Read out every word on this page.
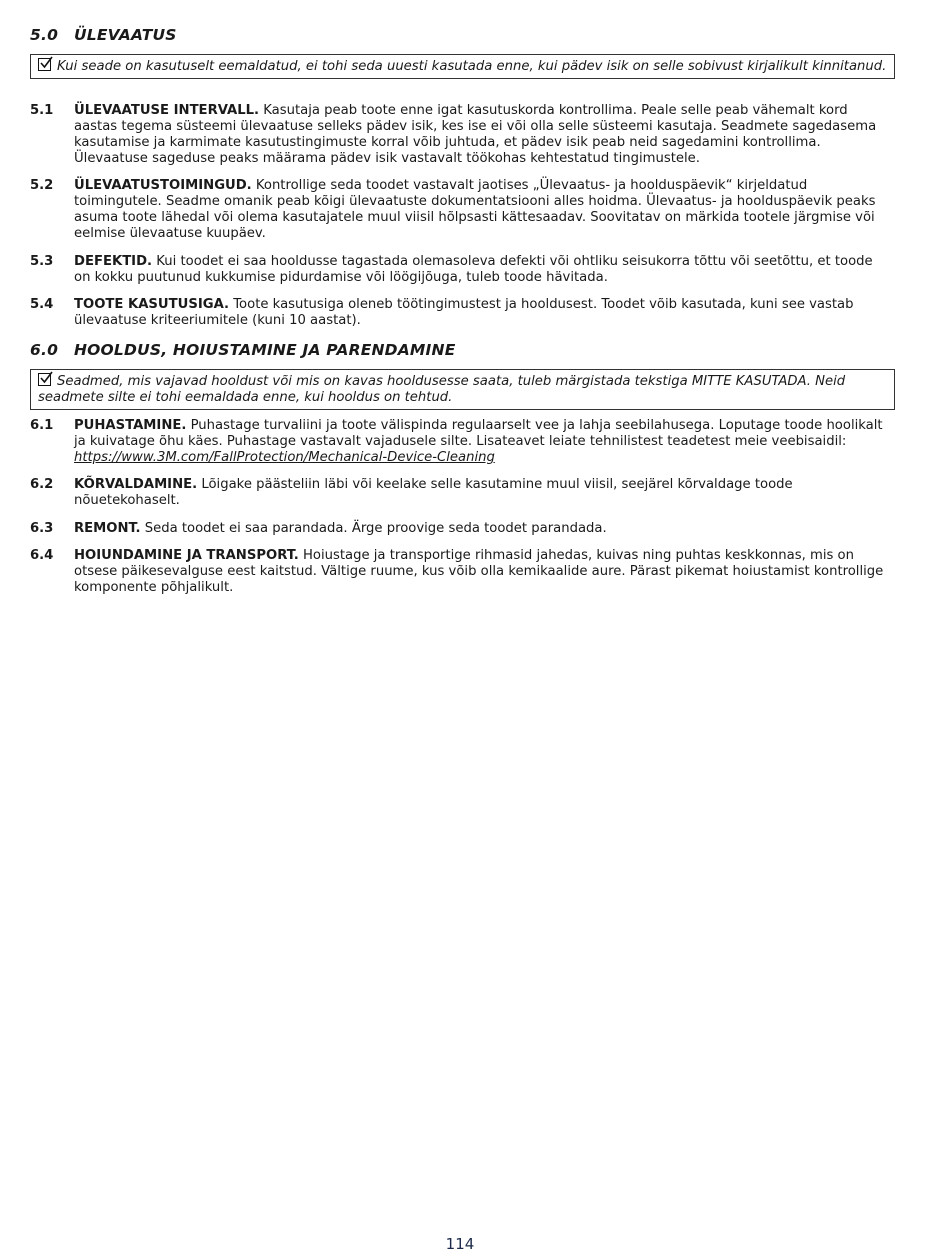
5.0 ÜLEVAATUS
Kui seade on kasutuselt eemaldatud, ei tohi seda uuesti kasutada enne, kui pädev isik on selle sobivust kirjalikult kinnitanud.
5.1 ÜLEVAATUSE INTERVALL. Kasutaja peab toote enne igat kasutuskorda kontrollima. Peale selle peab vähemalt kord aastas tegema süsteemi ülevaatuse selleks pädev isik, kes ise ei või olla selle süsteemi kasutaja. Seadmete sagedasema kasutamise ja karmimate kasutustingimuste korral võib juhtuda, et pädev isik peab neid sagedamini kontrollima. Ülevaatuse sageduse peaks määrama pädev isik vastavalt töökohas kehtestatud tingimustele.
5.2 ÜLEVAATUSTOIMINGUD. Kontrollige seda toodet vastavalt jaotises „Ülevaatus- ja hoolduspäevik“ kirjeldatud toimingutele. Seadme omanik peab kõigi ülevaatuste dokumentatsiooni alles hoidma. Ülevaatus- ja hoolduspäevik peaks asuma toote lähedal või olema kasutajatele muul viisil hõlpsasti kättesaadav. Soovitatav on märkida tootele järgmise või eelmise ülevaatuse kuupäev.
5.3 DEFEKTID. Kui toodet ei saa hooldusse tagastada olemasoleva defekti või ohtliku seisukorra tõttu või seetõttu, et toode on kokku puutunud kukkumise pidurdamise või löögijõuga, tuleb toode hävitada.
5.4 TOOTE KASUTUSIGA. Toote kasutusiga oleneb töötingimustest ja hooldusest. Toodet võib kasutada, kuni see vastab ülevaatuse kriteeriumitele (kuni 10 aastat).
6.0 HOOLDUS, HOIUSTAMINE JA PARENDAMINE
Seadmed, mis vajavad hooldust või mis on kavas hooldusesse saata, tuleb märgistada tekstiga MITTE KASUTADA. Neid seadmete silte ei tohi eemaldada enne, kui hooldus on tehtud.
6.1 PUHASTAMINE. Puhastage turvaliini ja toote välispinda regulaarselt vee ja lahja seebilahusega. Loputage toode hoolikalt ja kuivatage õhu käes. Puhastage vastavalt vajadusele silte. Lisateavet leiate tehnilistest teadetest meie veebisaidil:
https://www.3M.com/FallProtection/Mechanical-Device-Cleaning
6.2 KÕRVALDAMINE. Lõigake päästeliin läbi või keelake selle kasutamine muul viisil, seejärel kõrvaldage toode nõuetekohaselt.
6.3 REMONT. Seda toodet ei saa parandada. Ärge proovige seda toodet parandada.
6.4 HOIUNDAMINE JA TRANSPORT. Hoiustage ja transportige rihmasid jahedas, kuivas ning puhtas keskkonnas, mis on otsese päikesevalguse eest kaitstud. Vältige ruume, kus võib olla kemikaalide aure. Pärast pikemat hoiustamist kontrollige komponente põhjalikult.
114
